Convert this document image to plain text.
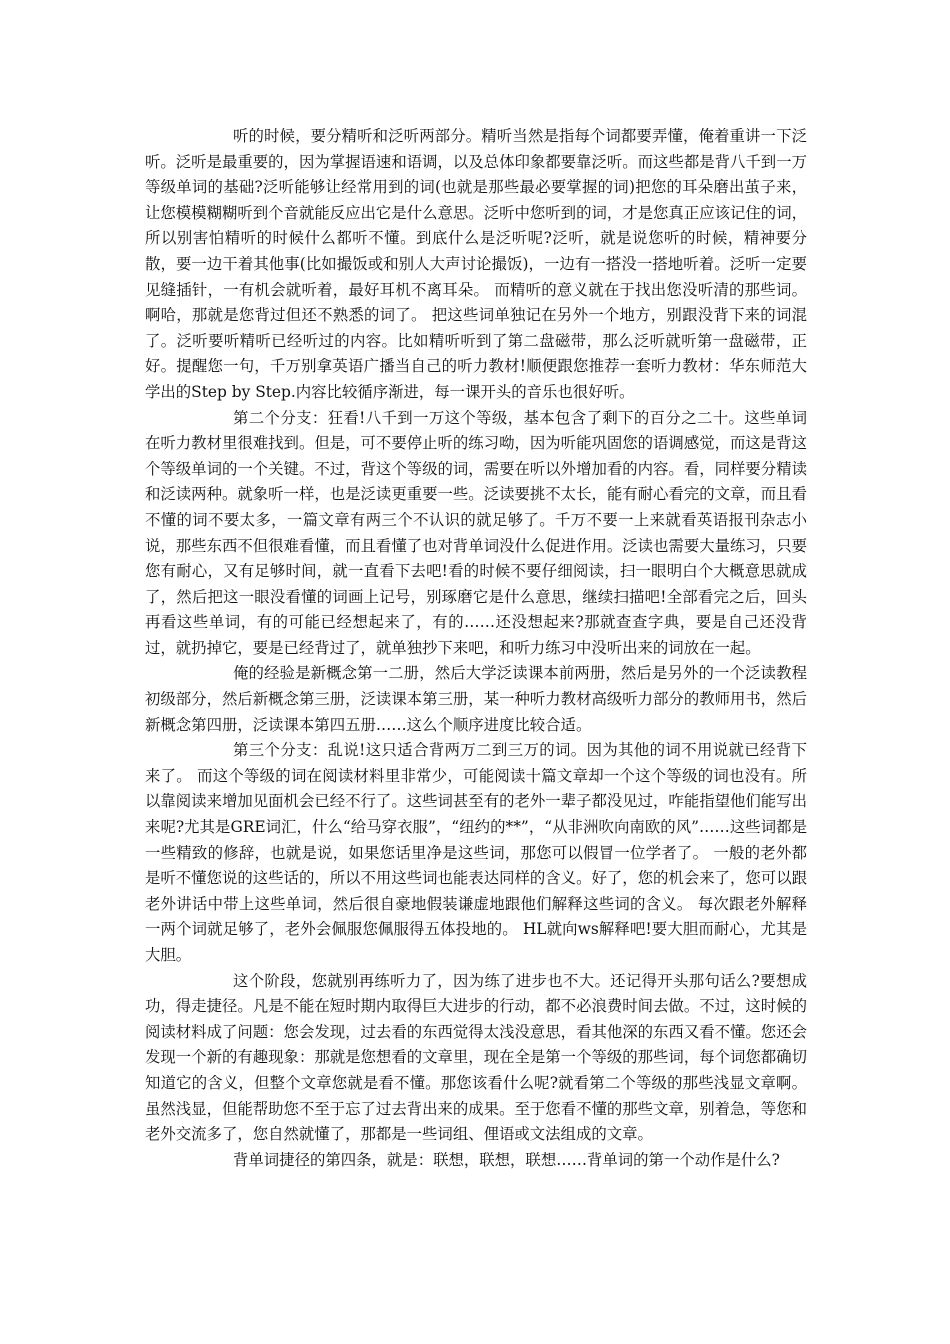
听的时候，要分精听和泛听两部分。精听当然是指每个词都要弄懂，俺着重讲一下泛听。泛听是最重要的，因为掌握语速和语调，以及总体印象都要靠泛听。而这些都是背八千到一万等级单词的基础?泛听能够让经常用到的词(也就是那些最必要掌握的词)把您的耳朵磨出茧子来，让您模模糊糊听到个音就能反应出它是什么意思。泛听中您听到的词，才是您真正应该记住的词，所以别害怕精听的时候什么都听不懂。到底什么是泛听呢?泛听，就是说您听的时候，精神要分散，要一边干着其他事(比如撮饭或和别人大声讨论撮饭)，一边有一搭没一搭地听着。泛听一定要见缝插针，一有机会就听着，最好耳机不离耳朵。 而精听的意义就在于找出您没听清的那些词。啊哈，那就是您背过但还不熟悉的词了。 把这些词单独记在另外一个地方，别跟没背下来的词混了。泛听要听精听已经听过的内容。比如精听听到了第二盘磁带，那么泛听就听第一盘磁带，正好。提醒您一句，千万别拿英语广播当自己的听力教材!顺便跟您推荐一套听力教材：华东师范大学出的Step by Step.内容比较循序渐进，每一课开头的音乐也很好听。

第二个分支：狂看!八千到一万这个等级，基本包含了剩下的百分之二十。这些单词在听力教材里很难找到。但是，可不要停止听的练习呦，因为听能巩固您的语调感觉，而这是背这个等级单词的一个关键。不过，背这个等级的词，需要在听以外增加看的内容。看，同样要分精读和泛读两种。就象听一样，也是泛读更重要一些。泛读要挑不太长，能有耐心看完的文章，而且看不懂的词不要太多，一篇文章有两三个不认识的就足够了。千万不要一上来就看英语报刊杂志小说，那些东西不但很难看懂，而且看懂了也对背单词没什么促进作用。泛读也需要大量练习，只要您有耐心，又有足够时间，就一直看下去吧!看的时候不要仔细阅读，扫一眼明白个大概意思就成了，然后把这一眼没看懂的词画上记号，别琢磨它是什么意思，继续扫描吧!全部看完之后，回头再看这些单词，有的可能已经想起来了，有的……还没想起来?那就查查字典，要是自己还没背过，就扔掉它，要是已经背过了，就单独抄下来吧，和听力练习中没听出来的词放在一起。

俺的经验是新概念第一二册，然后大学泛读课本前两册，然后是另外的一个泛读教程初级部分，然后新概念第三册，泛读课本第三册，某一种听力教材高级听力部分的教师用书，然后新概念第四册，泛读课本第四五册……这么个顺序进度比较合适。

第三个分支：乱说!这只适合背两万二到三万的词。因为其他的词不用说就已经背下来了。 而这个等级的词在阅读材料里非常少，可能阅读十篇文章却一个这个等级的词也没有。所以靠阅读来增加见面机会已经不行了。这些词甚至有的老外一辈子都没见过，咋能指望他们能写出来呢?尤其是GRE词汇，什么“给马穿衣服”，“纽约的**”，“从非洲吹向南欧的风”……这些词都是一些精致的修辞，也就是说，如果您话里净是这些词，那您可以假冒一位学者了。 一般的老外都是听不懂您说的这些话的，所以不用这些词也能表达同样的含义。好了，您的机会来了，您可以跟老外讲话中带上这些单词，然后很自豪地假装谦虚地跟他们解释这些词的含义。 每次跟老外解释一两个词就足够了，老外会佩服您佩服得五体投地的。 HL就向ws解释吧!要大胆而耐心，尤其是大胆。

这个阶段，您就别再练听力了，因为练了进步也不大。还记得开头那句话么?要想成功，得走捷径。凡是不能在短时期内取得巨大进步的行动，都不必浪费时间去做。不过，这时候的阅读材料成了问题：您会发现，过去看的东西觉得太浅没意思，看其他深的东西又看不懂。您还会发现一个新的有趣现象：那就是您想看的文章里，现在全是第一个等级的那些词，每个词您都确切知道它的含义，但整个文章您就是看不懂。那您该看什么呢?就看第二个等级的那些浅显文章啊。虽然浅显，但能帮助您不至于忘了过去背出来的成果。至于您看不懂的那些文章，别着急，等您和老外交流多了，您自然就懂了，那都是一些词组、俚语或文法组成的文章。

背单词捷径的第四条，就是：联想，联想，联想……背单词的第一个动作是什么?
